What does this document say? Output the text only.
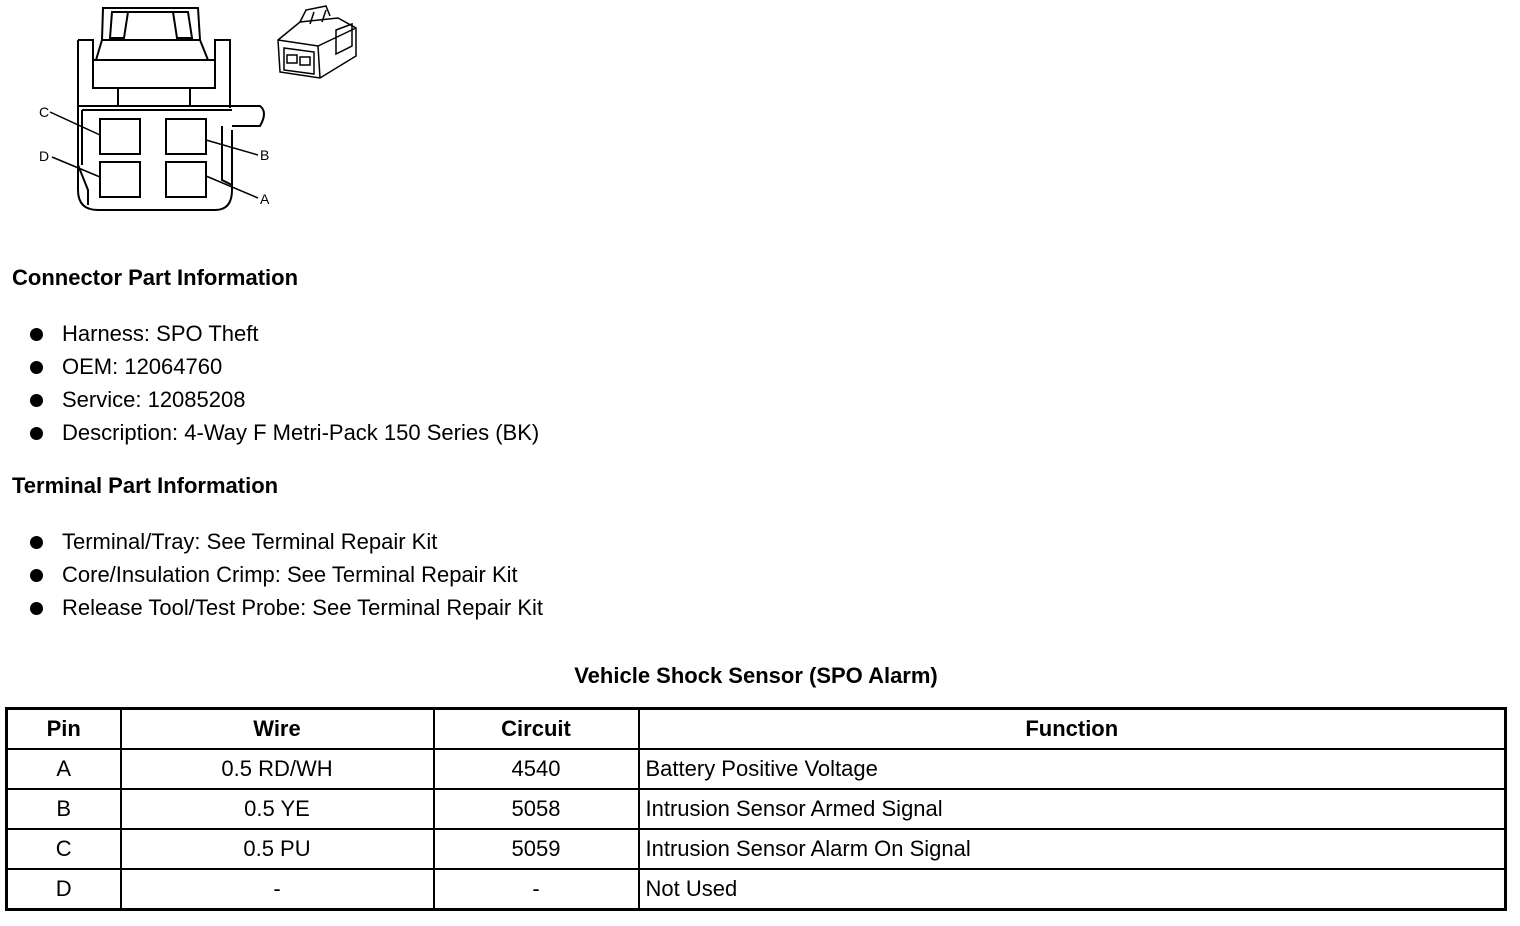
C
D	B
A
Connector Part Information
Harness: SPO Theft
OEM: 12064760
Service: 12085208
Description: 4-Way F Metri-Pack 150 Series (BK)
Terminal Part Information
Terminal/Tray: See Terminal Repair Kit
Core/Insulation Crimp: See Terminal Repair Kit
Release Tool/Test Probe: See Terminal Repair Kit
Vehicle Shock Sensor (SPO Alarm)
Pin	Wire	Circuit	Function
A	0.5 RD/WH	4540	Battery Positive Voltage
B	0.5 YE	5058	Intrusion Sensor Armed Signal
C	0.5 PU	5059	Intrusion Sensor Alarm On Signal
D	-	-	Not Used
